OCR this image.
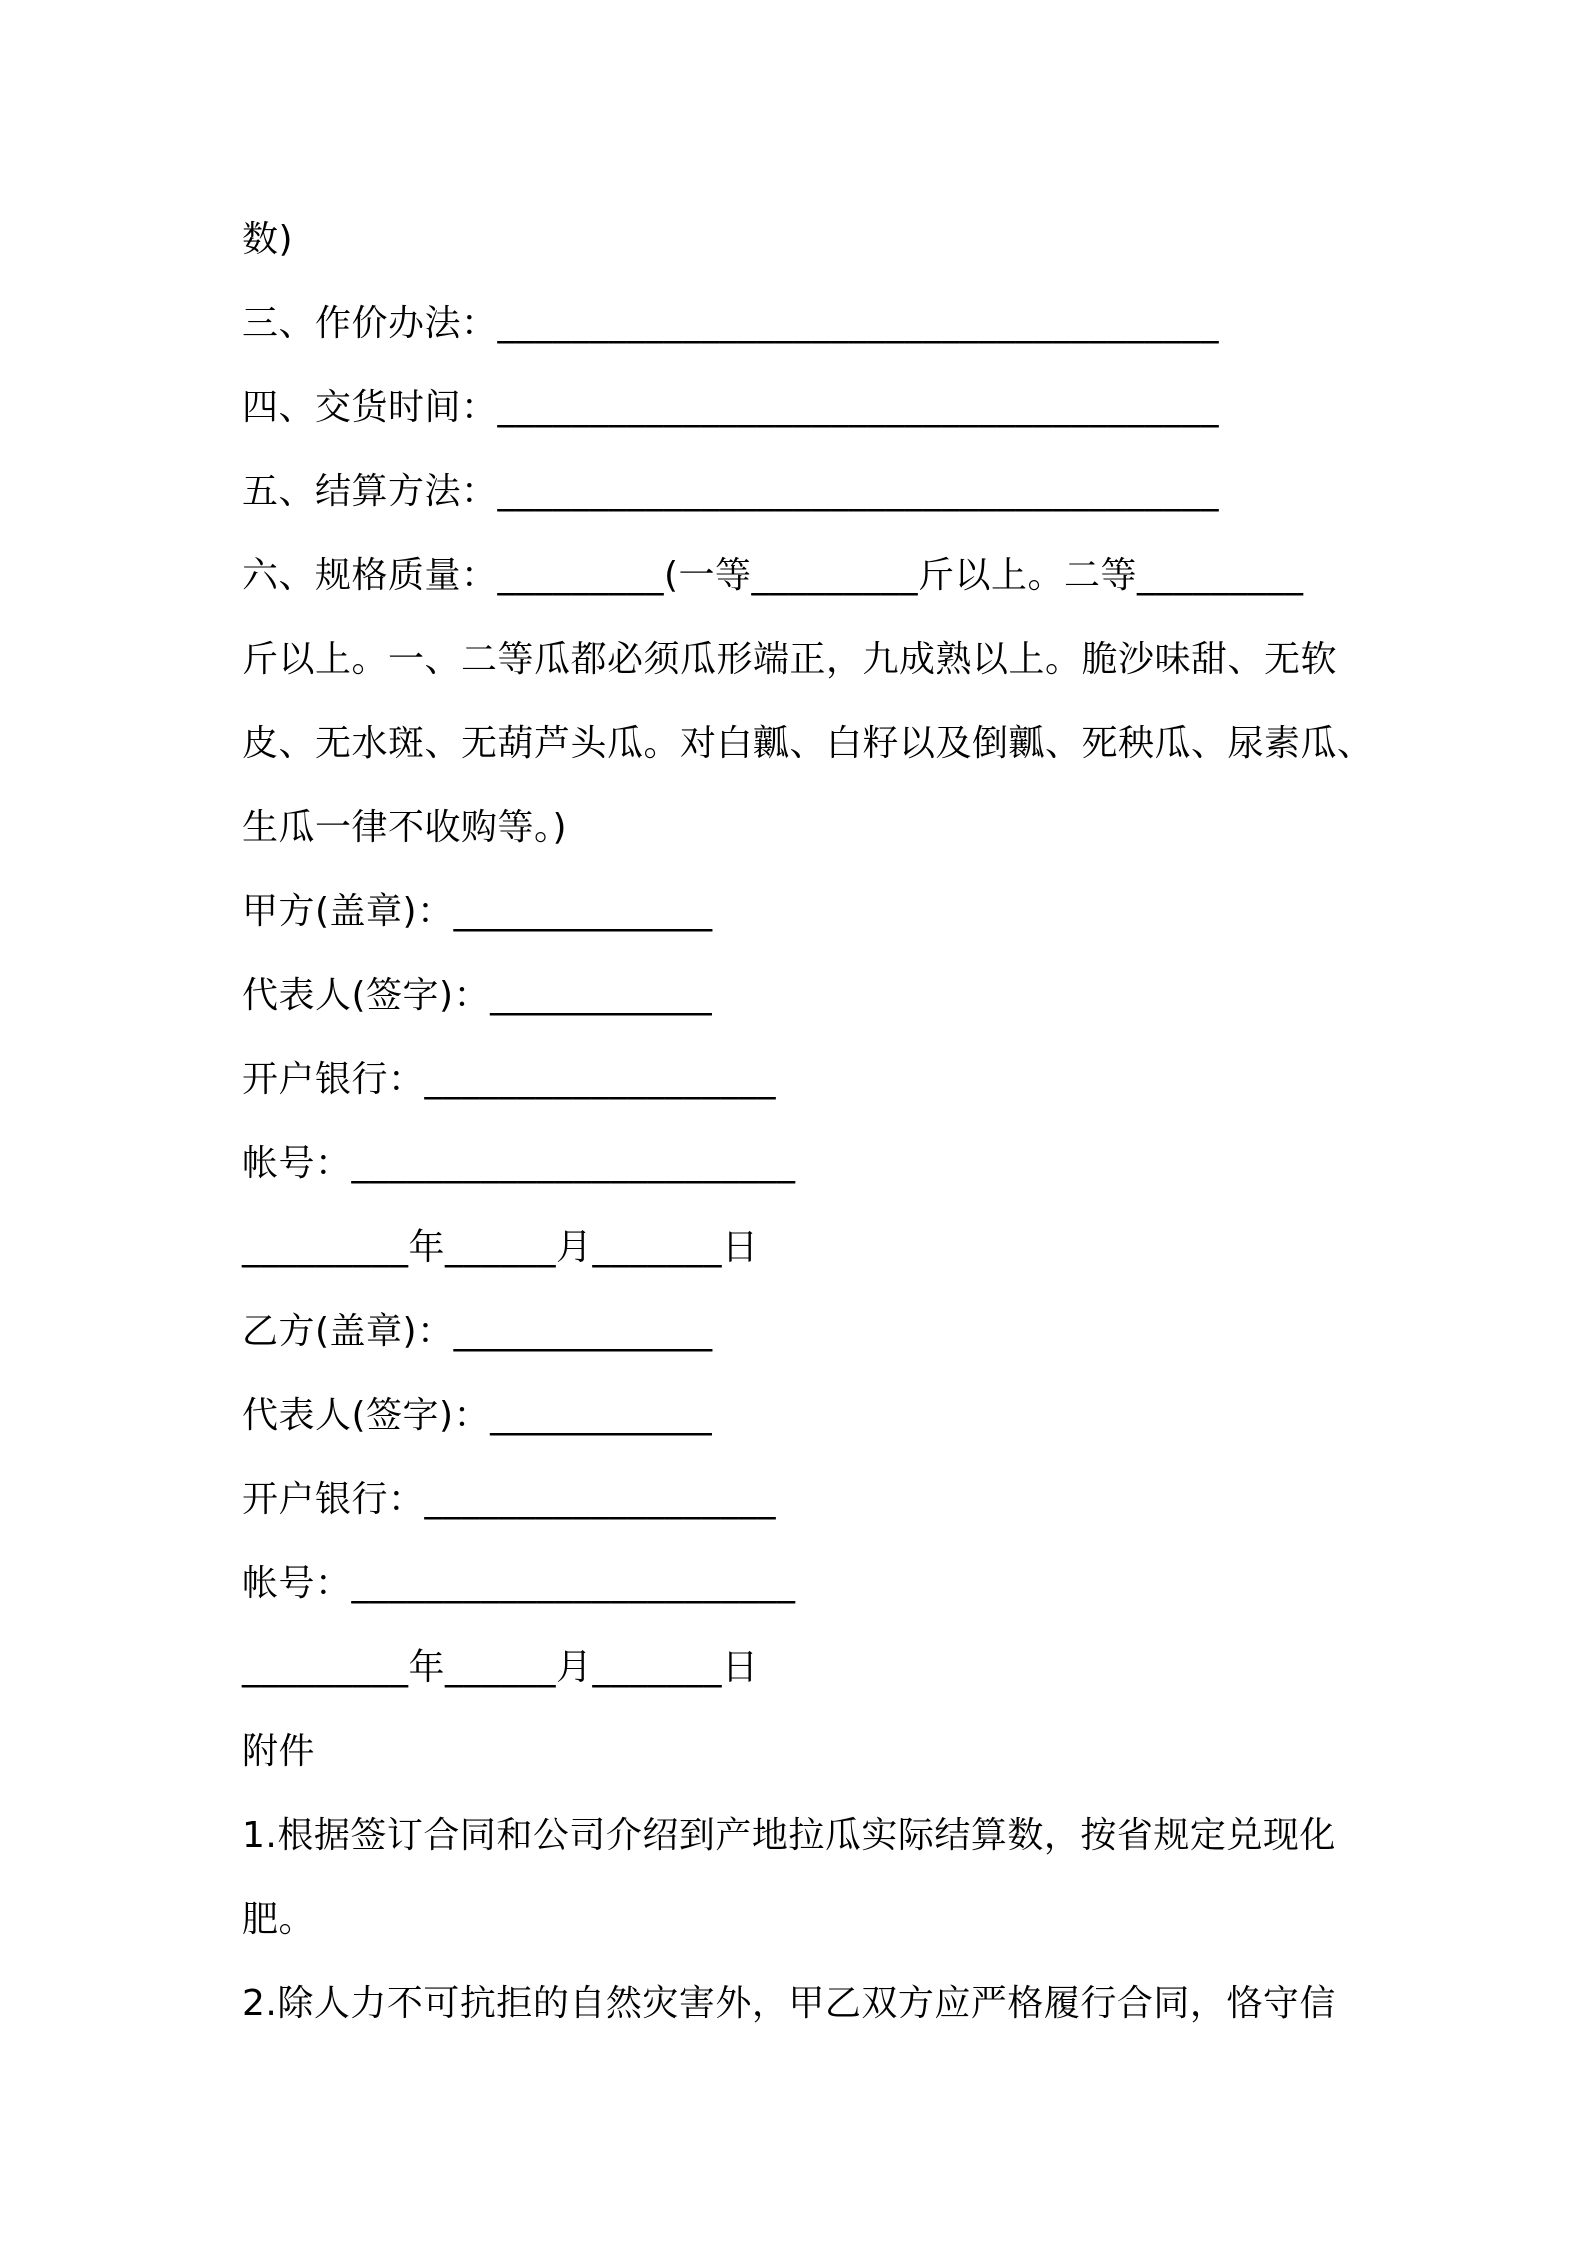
数)
三、作价办法：_______________________________________
四、交货时间：_______________________________________
五、结算方法：_______________________________________
六、规格质量：_________(一等_________斤以上。二等_________
斤以上。一、二等瓜都必须瓜形端正，九成熟以上。脆沙味甜、无软
皮、无水斑、无葫芦头瓜。对白瓤、白籽以及倒瓤、死秧瓜、尿素瓜、
生瓜一律不收购等。)
甲方(盖章)：______________
代表人(签字)：____________
开户银行：___________________
帐号：________________________
_________年______月_______日
乙方(盖章)：______________
代表人(签字)：____________
开户银行：___________________
帐号：________________________
_________年______月_______日
附件
1.根据签订合同和公司介绍到产地拉瓜实际结算数，按省规定兑现化
肥。
2.除人力不可抗拒的自然灾害外，甲乙双方应严格履行合同，恪守信
